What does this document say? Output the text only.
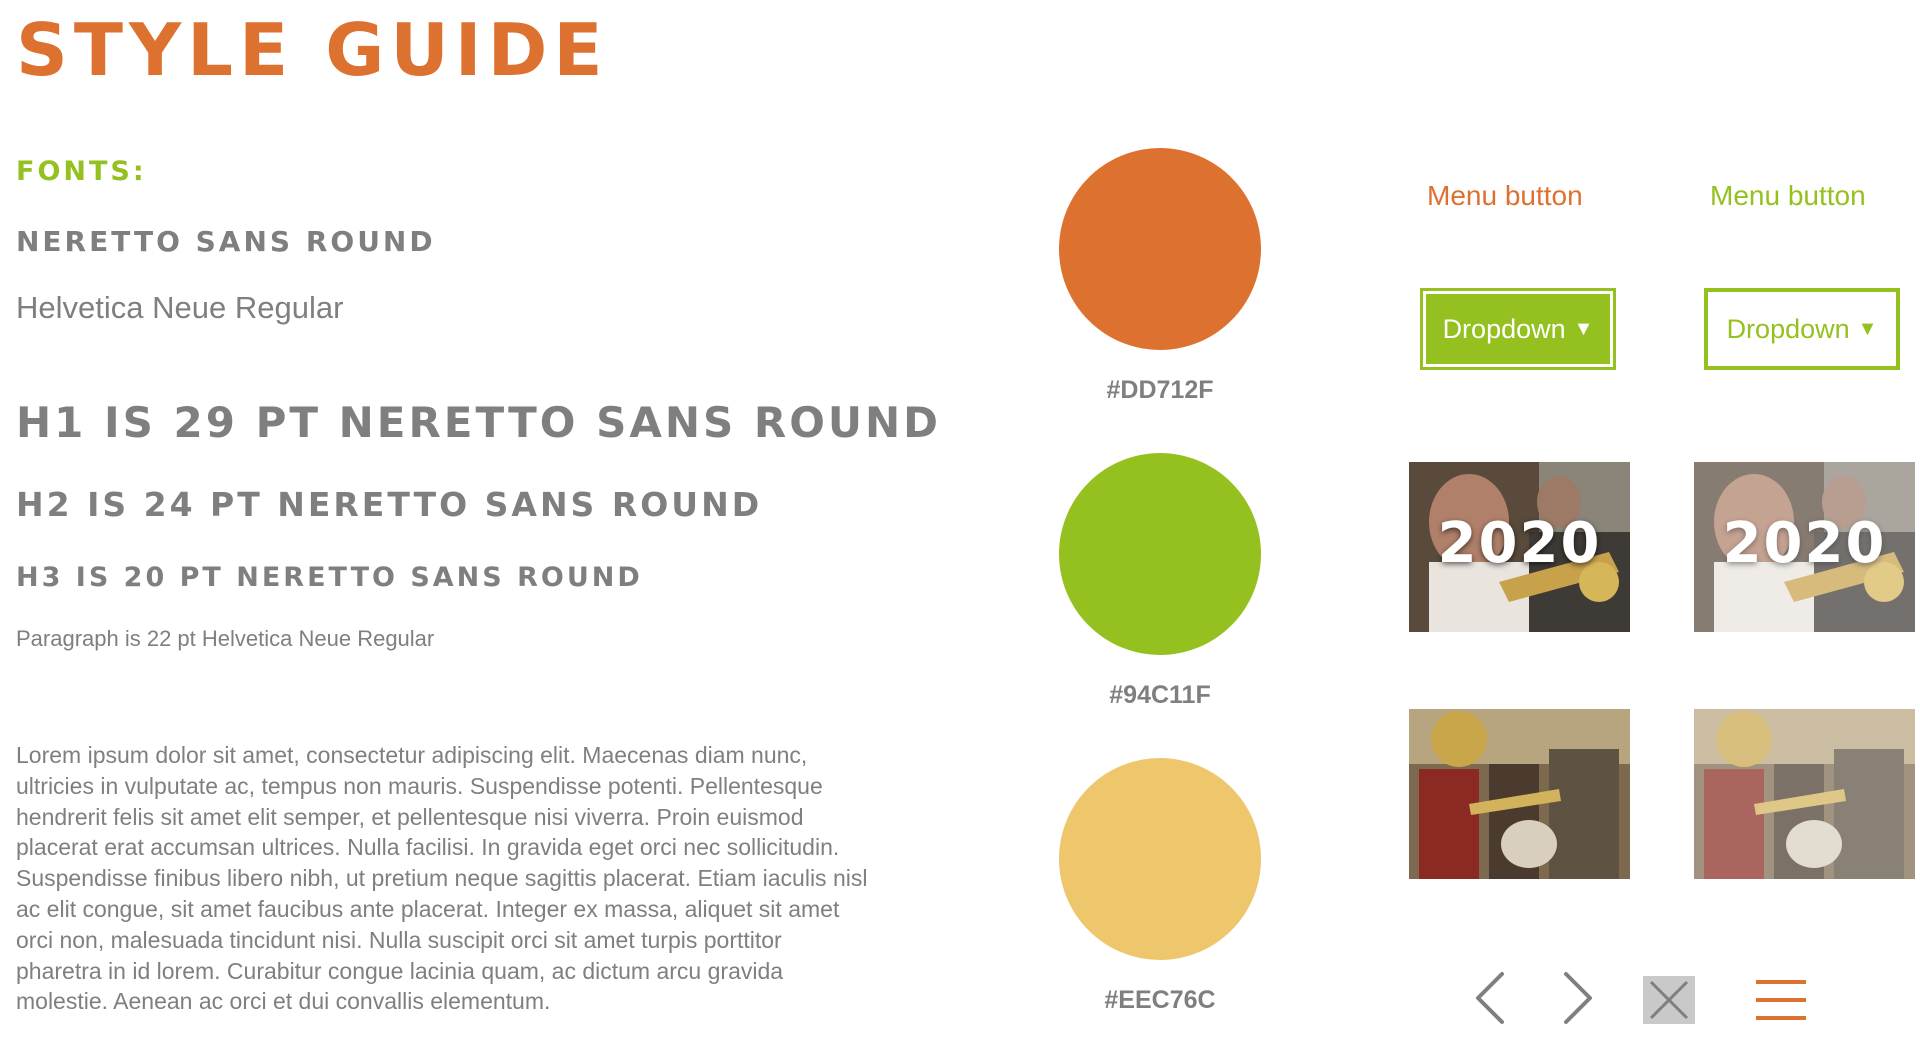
STYLE GUIDE
FONTS:
NERETTO SANS ROUND
Helvetica Neue Regular
H1 IS 29 PT NERETTO SANS ROUND
H2 IS 24 PT NERETTO SANS ROUND
H3 IS 20 PT NERETTO SANS ROUND
Paragraph is 22 pt Helvetica Neue Regular

Lorem ipsum dolor sit amet, consectetur adipiscing elit. Maecenas diam nunc,
ultricies in vulputate ac, tempus non mauris. Suspendisse potenti. Pellentesque
hendrerit felis sit amet elit semper, et pellentesque nisi viverra. Proin euismod
placerat erat accumsan ultrices. Nulla facilisi. In gravida eget orci nec sollicitudin.
Suspendisse finibus libero nibh, ut pretium neque sagittis placerat. Etiam iaculis nisl
ac elit congue, sit amet faucibus ante placerat. Integer ex massa, aliquet sit amet
orci non, malesuada tincidunt nisi. Nulla suscipit orci sit amet turpis porttitor
pharetra in id lorem. Curabitur congue lacinia quam, ac dictum arcu gravida
molestie. Aenean ac orci et dui convallis elementum.

#DD712F
#94C11F
#EEC76C
Menu button	Menu button
Dropdown ▼	Dropdown ▼
2020	2020
